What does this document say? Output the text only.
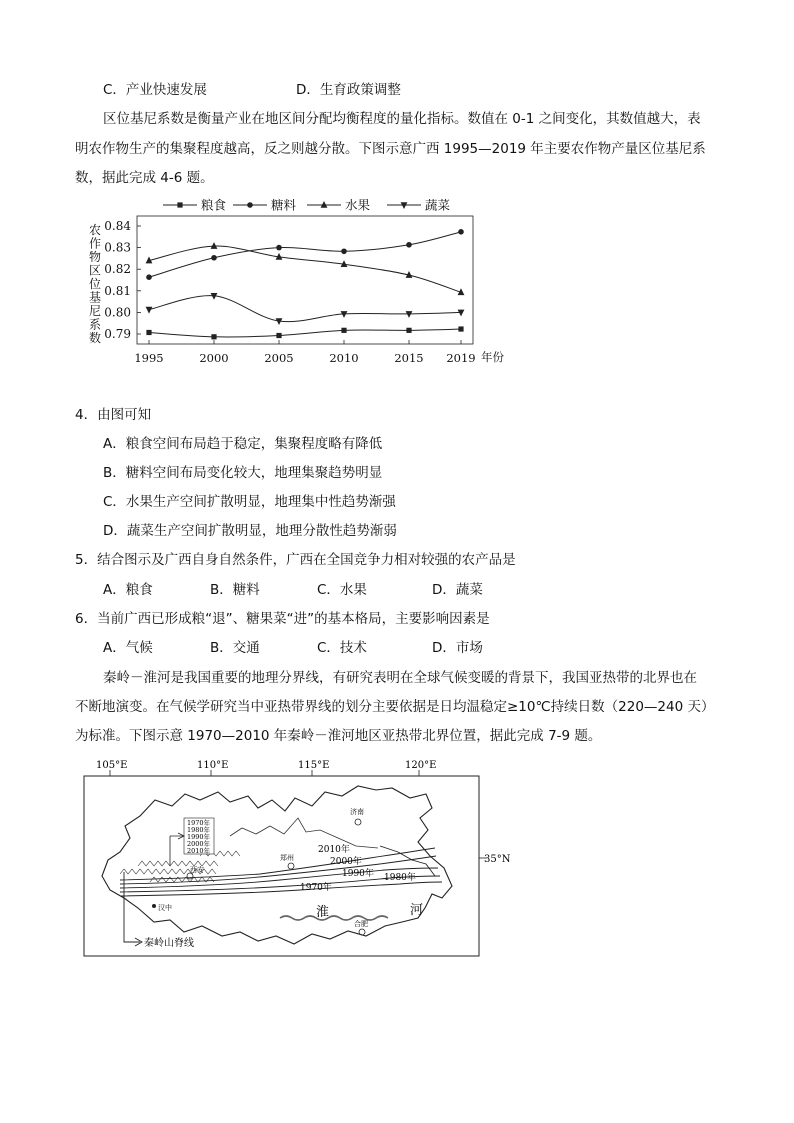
C．产业快速发展	D．生育政策调整
区位基尼系数是衡量产业在地区间分配均衡程度的量化指标。数值在 0-1 之间变化，其数值越大，表
明农作物生产的集聚程度越高，反之则越分散。下图示意广西 1995—2019 年主要农作物产量区位基尼系
数，据此完成 4-6 题。
粮食	糖料	水果	蔬菜
0.84
0.83
0.82
0.81
0.80
0.79
1995	2000	2005	2010	2015 2019
农作物区位基尼系数
年份
4．由图可知
A．粮食空间布局趋于稳定，集聚程度略有降低
B．糖料空间布局变化较大，地理集聚趋势明显
C．水果生产空间扩散明显，地理集中性趋势渐强
D．蔬菜生产空间扩散明显，地理分散性趋势渐弱
5．结合图示及广西自身自然条件，广西在全国竞争力相对较强的农产品是
A．粮食	B．糖料	C．水果	D．蔬菜
6．当前广西已形成粮“退”、糖果菜“进”的基本格局，主要影响因素是
A．气候	B．交通	C．技术	D．市场
秦岭－淮河是我国重要的地理分界线，有研究表明在全球气候变暖的背景下，我国亚热带的北界也在
不断地演变。在气候学研究当中亚热带界线的划分主要依据是日均温稳定≥10℃持续日数（220—240 天）
为标准。下图示意 1970—2010 年秦岭－淮河地区亚热带北界位置，据此完成 7-9 题。
105°E	110°E	115°E	120°E
35°N
济南
郑州
西安
汉中
合肥
2010年
2000年
1990年 1980年
1970年
1970年
1980年
1990年
2000年
2010年
淮	河
秦岭山脊线
